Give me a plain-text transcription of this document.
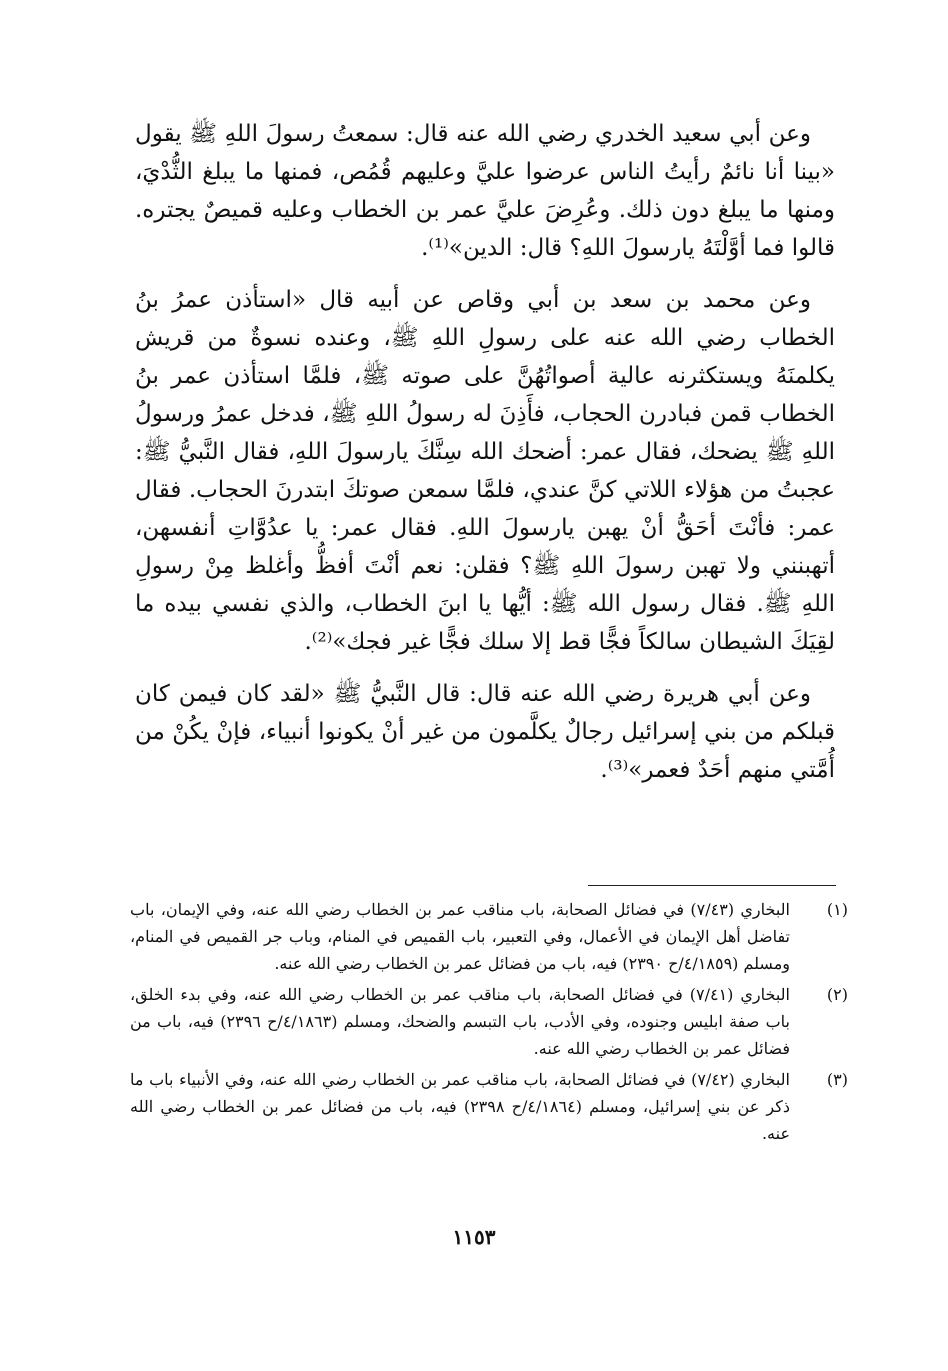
وعن أبي سعيد الخدري رضي الله عنه قال: سمعتُ رسولَ اللهِ ﷺ يقول «بينا أنا نائمٌ رأيتُ الناس عرضوا عليَّ وعليهم قُمُص، فمنها ما يبلغ الثُّدْيَ، ومنها ما يبلغ دون ذلك. وعُرِضَ عليَّ عمر بن الخطاب وعليه قميصٌ يجتره. قالوا فما أوَّلْتَهُ يارسولَ اللهِ؟ قال: الدين»⁽¹⁾.

وعن محمد بن سعد بن أبي وقاص عن أبيه قال «استأذن عمرُ بنُ الخطاب رضي الله عنه على رسولِ اللهِ ﷺ، وعنده نسوةٌ من قريش يكلمنَهُ ويستكثرنه عالية أصواتُهُنَّ على صوته ﷺ، فلمَّا استأذن عمر بنُ الخطاب قمن فبادرن الحجاب، فأَذِنَ له رسولُ اللهِ ﷺ، فدخل عمرُ ورسولُ اللهِ ﷺ يضحك، فقال عمر: أضحك الله سِنَّكَ يارسولَ اللهِ، فقال النَّبيُّ ﷺ: عجبتُ من هؤلاء اللاتي كنَّ عندي، فلمَّا سمعن صوتكَ ابتدرنَ الحجاب. فقال عمر: فأنْتَ أحَقُّ أنْ يهبن يارسولَ اللهِ. فقال عمر: يا عدُوَّاتِ أنفسهن، أتهبنني ولا تهبن رسولَ اللهِ ﷺ؟ فقلن: نعم أنْتَ أفظُّ وأغلظ مِنْ رسولِ اللهِ ﷺ. فقال رسول الله ﷺ: أيُّها يا ابنَ الخطاب، والذي نفسي بيده ما لقِيَكَ الشيطان سالكاً فجًّا قط إلا سلك فجًّا غير فجك»⁽²⁾.

وعن أبي هريرة رضي الله عنه قال: قال النَّبيُّ ﷺ «لقد كان فيمن كان قبلكم من بني إسرائيل رجالٌ يكلَّمون من غير أنْ يكونوا أنبياء، فإنْ يكُنْ من أُمَّتي منهم أحَدٌ فعمر»⁽³⁾.

(١)
البخاري (٧/٤٣) في فضائل الصحابة، باب مناقب عمر بن الخطاب رضي الله عنه، وفي الإيمان، باب تفاضل أهل الإيمان في الأعمال، وفي التعبير، باب القميص في المنام، وباب جر القميص في المنام، ومسلم (٤/١٨٥٩/ح ٢٣٩٠) فيه، باب من فضائل عمر بن الخطاب رضي الله عنه.
(٢)
البخاري (٧/٤١) في فضائل الصحابة، باب مناقب عمر بن الخطاب رضي الله عنه، وفي بدء الخلق، باب صفة ابليس وجنوده، وفي الأدب، باب التبسم والضحك، ومسلم (٤/١٨٦٣/ح ٢٣٩٦) فيه، باب من فضائل عمر بن الخطاب رضي الله عنه.
(٣)
البخاري (٧/٤٢) في فضائل الصحابة، باب مناقب عمر بن الخطاب رضي الله عنه، وفي الأنبياء باب ما ذكر عن بني إسرائيل، ومسلم (٤/١٨٦٤/ح ٢٣٩٨) فيه، باب من فضائل عمر بن الخطاب رضي الله عنه.
١١٥٣
